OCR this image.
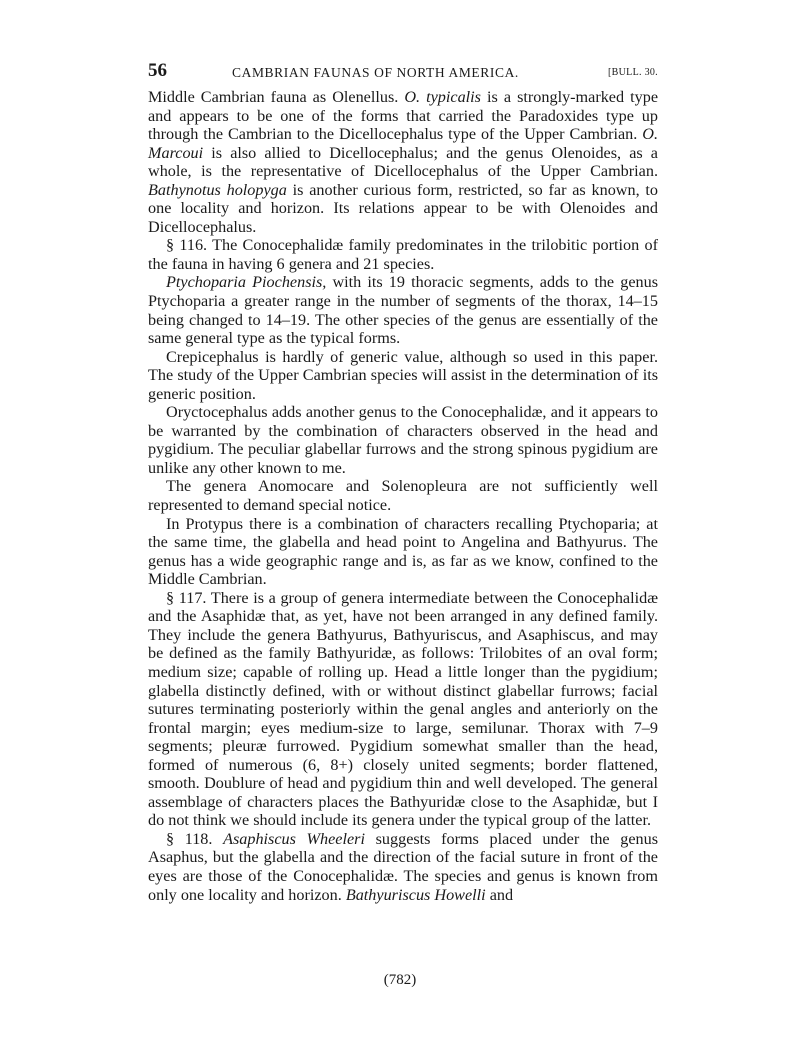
56	CAMBRIAN FAUNAS OF NORTH AMERICA.	[BULL. 30.

Middle Cambrian fauna as Olenellus. O. typicalis is a strongly-marked type and appears to be one of the forms that carried the Paradoxides type up through the Cambrian to the Dicellocephalus type of the Upper Cambrian. O. Marcoui is also allied to Dicellocephalus; and the genus Olenoides, as a whole, is the representative of Dicellocephalus of the Upper Cambrian. Bathynotus holopyga is another curious form, restricted, so far as known, to one locality and horizon. Its relations appear to be with Olenoides and Dicellocephalus.

§ 116. The Conocephalidæ family predominates in the trilobitic portion of the fauna in having 6 genera and 21 species.

Ptychoparia Piochensis, with its 19 thoracic segments, adds to the genus Ptychoparia a greater range in the number of segments of the thorax, 14–15 being changed to 14–19. The other species of the genus are essentially of the same general type as the typical forms.

Crepicephalus is hardly of generic value, although so used in this paper. The study of the Upper Cambrian species will assist in the determination of its generic position.

Oryctocephalus adds another genus to the Conocephalidæ, and it appears to be warranted by the combination of characters observed in the head and pygidium. The peculiar glabellar furrows and the strong spinous pygidium are unlike any other known to me.

The genera Anomocare and Solenopleura are not sufficiently well represented to demand special notice.

In Protypus there is a combination of characters recalling Ptychoparia; at the same time, the glabella and head point to Angelina and Bathyurus. The genus has a wide geographic range and is, as far as we know, confined to the Middle Cambrian.

§ 117. There is a group of genera intermediate between the Conocephalidæ and the Asaphidæ that, as yet, have not been arranged in any defined family. They include the genera Bathyurus, Bathyuriscus, and Asaphiscus, and may be defined as the family Bathyuridæ, as follows: Trilobites of an oval form; medium size; capable of rolling up. Head a little longer than the pygidium; glabella distinctly defined, with or without distinct glabellar furrows; facial sutures terminating posteriorly within the genal angles and anteriorly on the frontal margin; eyes medium-size to large, semilunar. Thorax with 7–9 segments; pleuræ furrowed. Pygidium somewhat smaller than the head, formed of numerous (6, 8+) closely united segments; border flattened, smooth. Doublure of head and pygidium thin and well developed. The general assemblage of characters places the Bathyuridæ close to the Asaphidæ, but I do not think we should include its genera under the typical group of the latter.

§ 118. Asaphiscus Wheeleri suggests forms placed under the genus Asaphus, but the glabella and the direction of the facial suture in front of the eyes are those of the Conocephalidæ. The species and genus is known from only one locality and horizon. Bathyuriscus Howelli and

(782)
